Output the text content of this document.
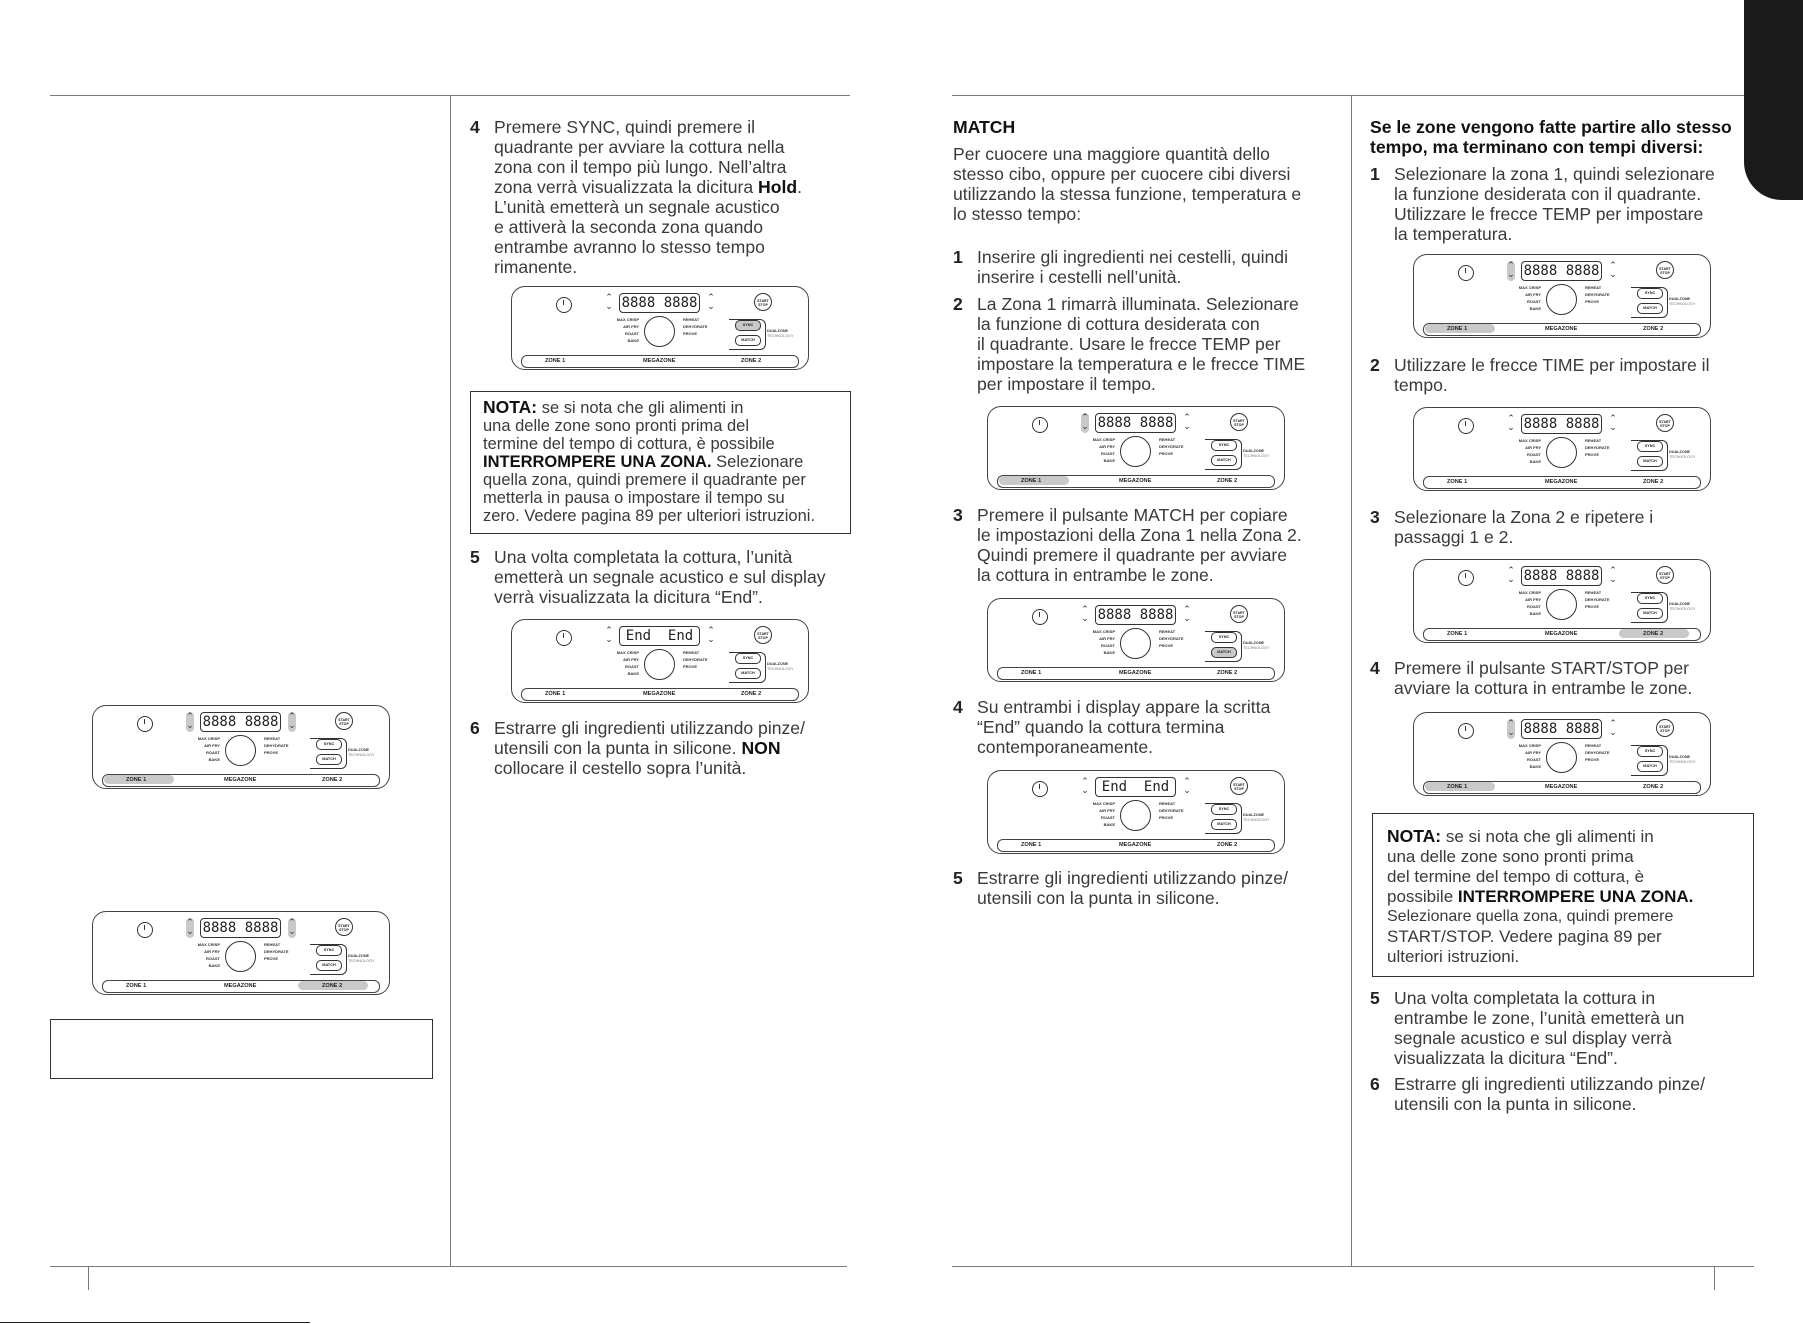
4 Premere SYNC, quindi premere il
quadrante per avviare la cottura nella
zona con il tempo più lungo. Nell’altra
zona verrà visualizzata la dicitura Hold.
L’unità emetterà un segnale acustico
e attiverà la seconda zona quando
entrambe avranno lo stesso tempo
rimanente.
NOTA: se si nota che gli alimenti in
una delle zone sono pronti prima del
termine del tempo di cottura, è possibile
INTERROMPERE UNA ZONA. Selezionare
quella zona, quindi premere il quadrante per
metterla in pausa o impostare il tempo su
zero. Vedere pagina 89 per ulteriori istruzioni.
5 Una volta completata la cottura, l’unità
emetterà un segnale acustico e sul display
verrà visualizzata la dicitura “End”.
6 Estrarre gli ingredienti utilizzando pinze/
utensili con la punta in silicone. NON
collocare il cestello sopra l’unità.
MATCH
Per cuocere una maggiore quantità dello
stesso cibo, oppure per cuocere cibi diversi
utilizzando la stessa funzione, temperatura e
lo stesso tempo:
1 Inserire gli ingredienti nei cestelli, quindi
inserire i cestelli nell’unità.
2 La Zona 1 rimarrà illuminata. Selezionare
la funzione di cottura desiderata con
il quadrante. Usare le frecce TEMP per
impostare la temperatura e le frecce TIME
per impostare il tempo.
3 Premere il pulsante MATCH per copiare
le impostazioni della Zona 1 nella Zona 2.
Quindi premere il quadrante per avviare
la cottura in entrambe le zone.
4 Su entrambi i display appare la scritta
“End” quando la cottura termina
contemporaneamente.
5 Estrarre gli ingredienti utilizzando pinze/
utensili con la punta in silicone.
Se le zone vengono fatte partire allo stesso
tempo, ma terminano con tempi diversi:
1 Selezionare la zona 1, quindi selezionare
la funzione desiderata con il quadrante.
Utilizzare le frecce TEMP per impostare
la temperatura.
2 Utilizzare le frecce TIME per impostare il
tempo.
3 Selezionare la Zona 2 e ripetere i
passaggi 1 e 2.
4 Premere il pulsante START/STOP per
avviare la cottura in entrambe le zone.
NOTA: se si nota che gli alimenti in
una delle zone sono pronti prima
del termine del tempo di cottura, è
possibile INTERROMPERE UNA ZONA.
Selezionare quella zona, quindi premere
START/STOP. Vedere pagina 89 per
ulteriori istruzioni.
5 Una volta completata la cottura in
entrambe le zone, l’unità emetterà un
segnale acustico e sul display verrà
visualizzata la dicitura “End”.
6 Estrarre gli ingredienti utilizzando pinze/
utensili con la punta in silicone.
ZONE 1	MEGAZONE	ZONE 2
⌃
⌄ 8888 8888 ⌃
⌄
MAX CRISP
AIR FRY
ROAST
BAKE
REHEAT
DEHYDRATE
PROVE
START
STOP
SYNC
MATCH
DUALZONE
TECHNOLOGY
ZONE 1	MEGAZONE	ZONE 2
⌃
⌄ 8888 8888 ⌃
⌄
MAX CRISP
AIR FRY
ROAST
BAKE
REHEAT
DEHYDRATE
PROVE
START
STOP
SYNC
MATCH
DUALZONE
TECHNOLOGY
ZONE 1	MEGAZONE	ZONE 2
⌃
⌄ 8888 8888 ⌃
⌄
MAX CRISP
AIR FRY
ROAST
BAKE
REHEAT
DEHYDRATE
PROVE
START
STOP
SYNC
MATCH
DUALZONE
TECHNOLOGY
ZONE 1	MEGAZONE	ZONE 2
⌃
⌄ End  End	⌃
⌄
MAX CRISP
AIR FRY
ROAST
BAKE
REHEAT
DEHYDRATE
PROVE
START
STOP
SYNC
MATCH
DUALZONE
TECHNOLOGY
ZONE 1	MEGAZONE	ZONE 2
⌃
⌄ 8888 8888 ⌃
⌄
MAX CRISP
AIR FRY
ROAST
BAKE
REHEAT
DEHYDRATE
PROVE
START
STOP
SYNC
MATCH
DUALZONE
TECHNOLOGY
ZONE 1	MEGAZONE	ZONE 2
⌃
⌄ 8888 8888 ⌃
⌄
MAX CRISP
AIR FRY
ROAST
BAKE
REHEAT
DEHYDRATE
PROVE
START
STOP
SYNC
MATCH
DUALZONE
TECHNOLOGY
ZONE 1	MEGAZONE	ZONE 2
⌃
⌄ End  End	⌃
⌄
MAX CRISP
AIR FRY
ROAST
BAKE
REHEAT
DEHYDRATE
PROVE
START
STOP
SYNC
MATCH
DUALZONE
TECHNOLOGY
ZONE 1	MEGAZONE	ZONE 2
⌃
⌄ 8888 8888 ⌃
⌄
MAX CRISP
AIR FRY
ROAST
BAKE
REHEAT
DEHYDRATE
PROVE
START
STOP
SYNC
MATCH
DUALZONE
TECHNOLOGY
ZONE 1	MEGAZONE	ZONE 2
⌃
⌄ 8888 8888 ⌃
⌄
MAX CRISP
AIR FRY
ROAST
BAKE
REHEAT
DEHYDRATE
PROVE
START
STOP
SYNC
MATCH
DUALZONE
TECHNOLOGY
ZONE 1	MEGAZONE	ZONE 2
⌃
⌄ 8888 8888 ⌃
⌄
MAX CRISP
AIR FRY
ROAST
BAKE
REHEAT
DEHYDRATE
PROVE
START
STOP
SYNC
MATCH
DUALZONE
TECHNOLOGY
ZONE 1	MEGAZONE	ZONE 2
⌃
⌄ 8888 8888 ⌃
⌄
MAX CRISP
AIR FRY
ROAST
BAKE
REHEAT
DEHYDRATE
PROVE
START
STOP
SYNC
MATCH
DUALZONE
TECHNOLOGY
